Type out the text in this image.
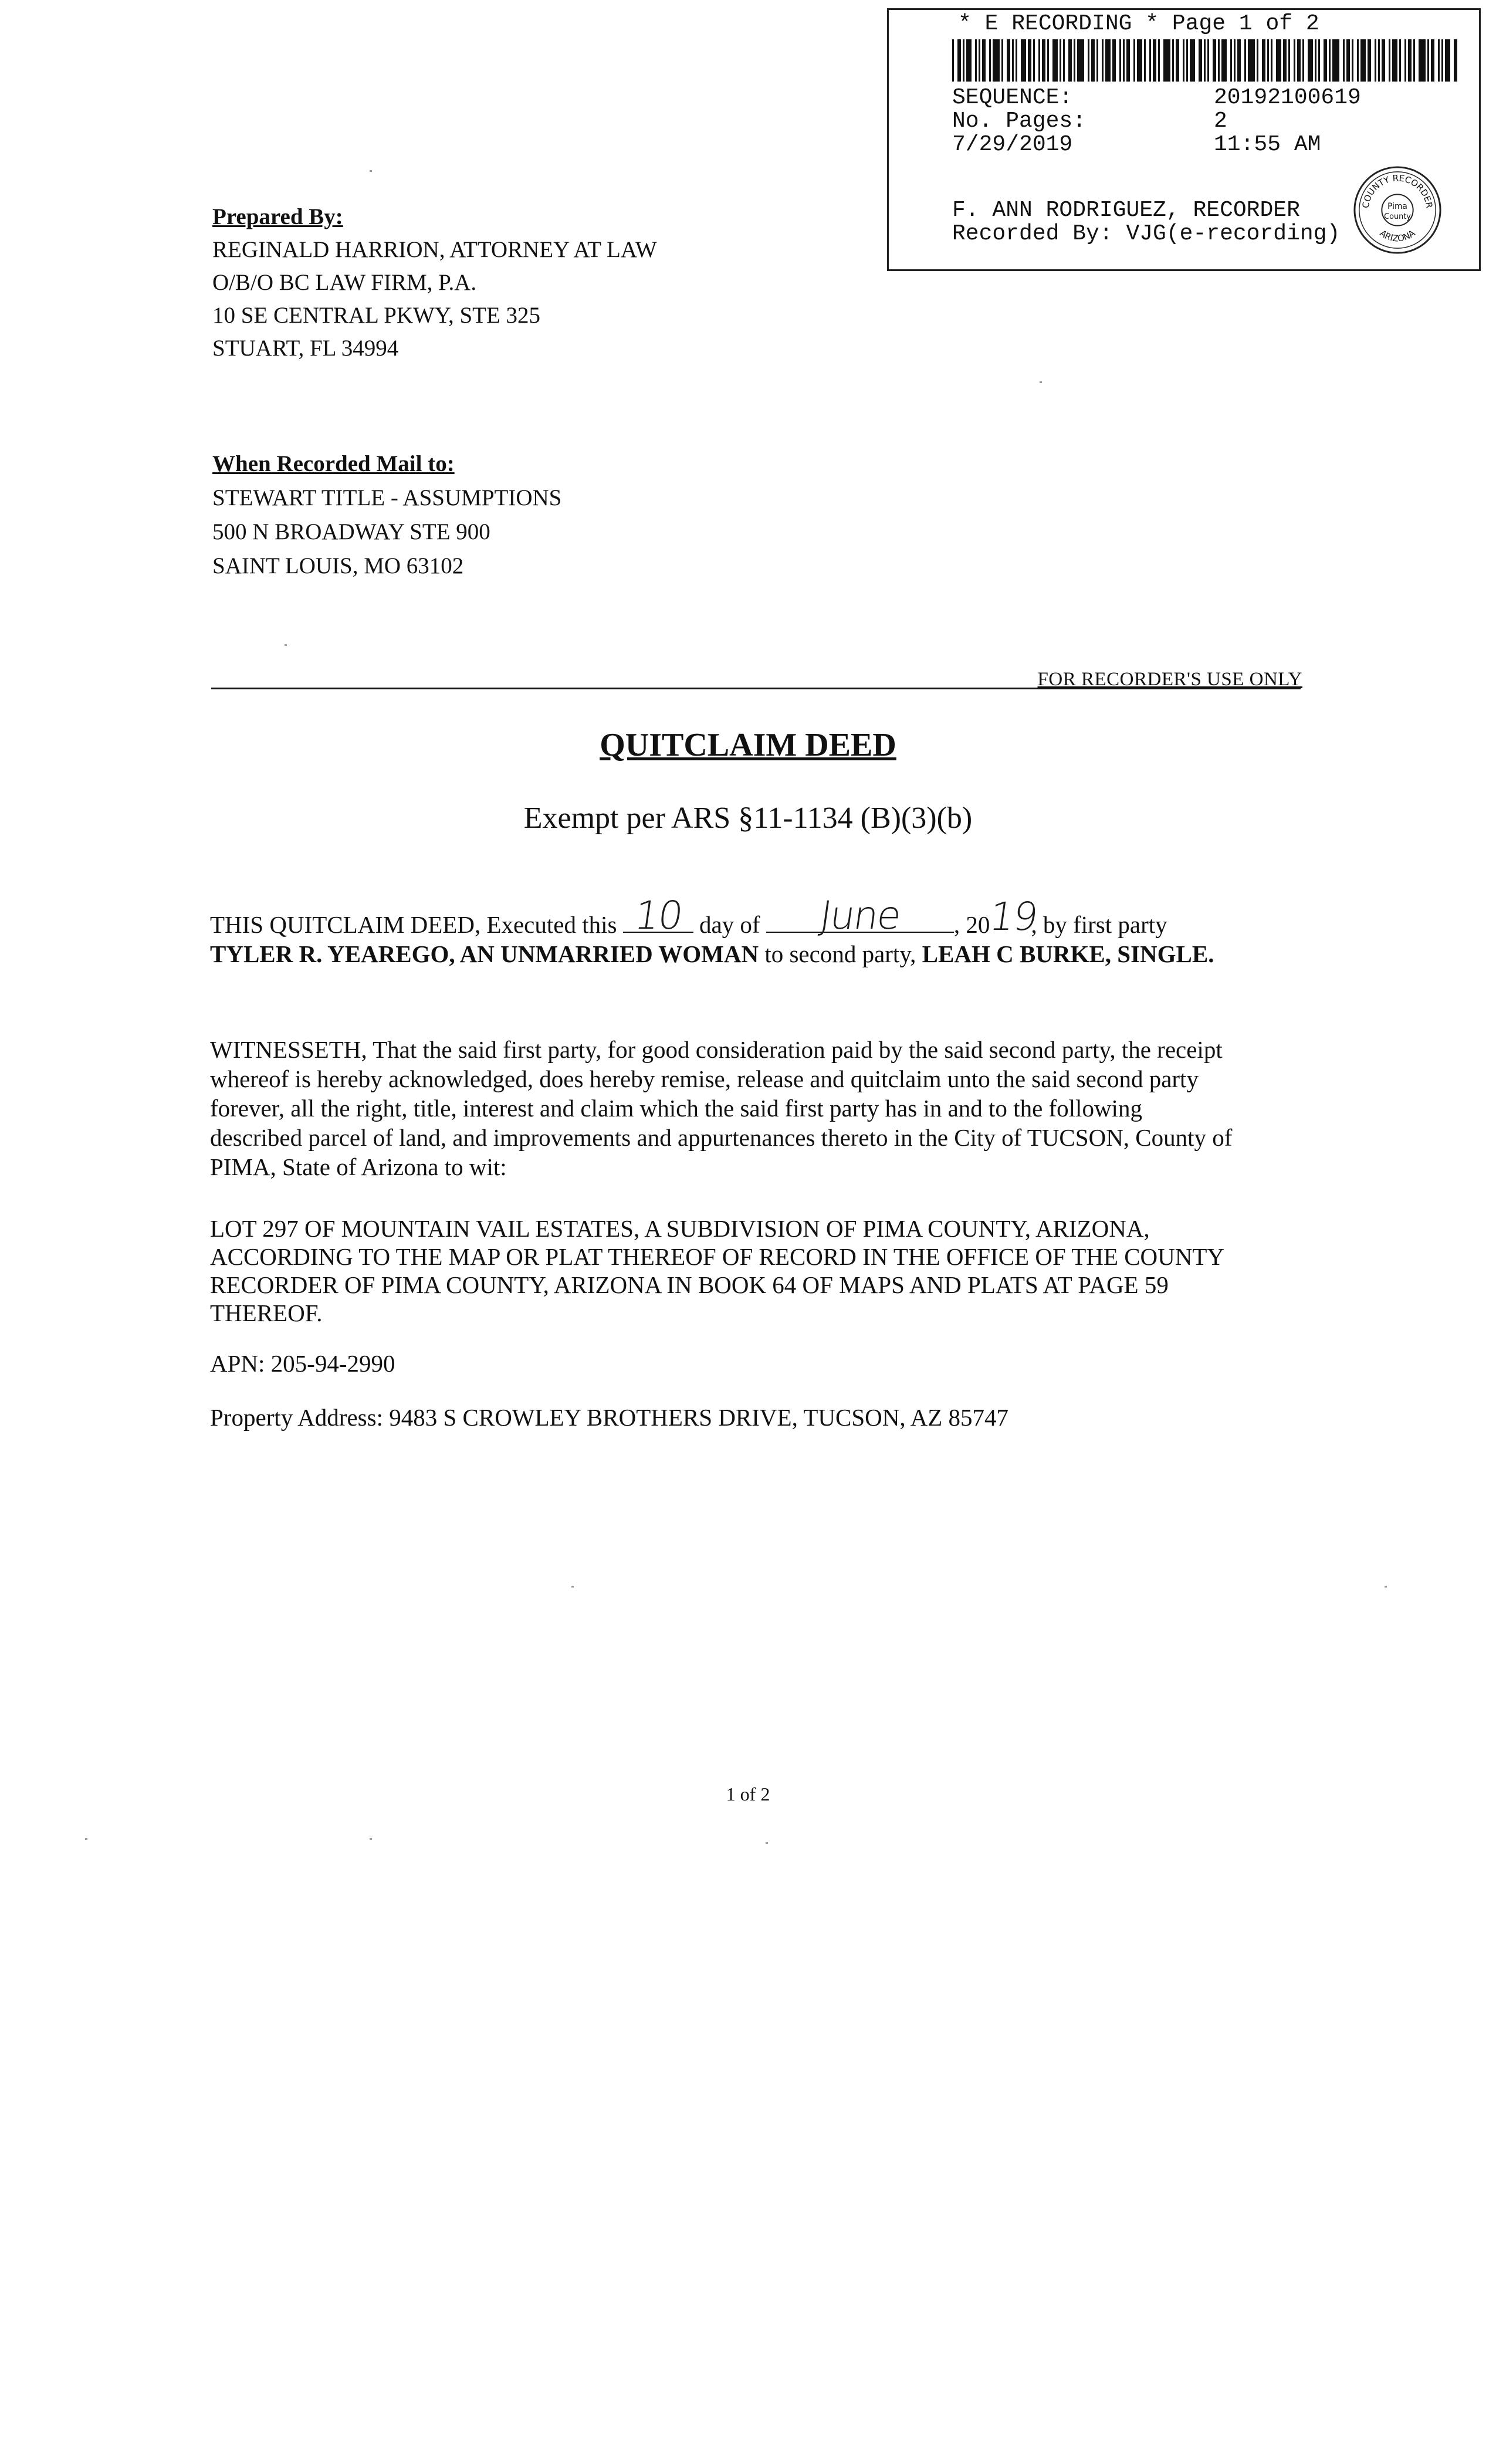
* E RECORDING * Page 1 of 2
SEQUENCE:	20192100619
No. Pages:	2
7/29/2019	11:55 AM
F. ANN RODRIGUEZ, RECORDER
Recorded By: VJG(e-recording)
COUNTY RECORDER
ARIZONA
Pima
County
Prepared By:
REGINALD HARRION, ATTORNEY AT LAW
O/B/O BC LAW FIRM, P.A.
10 SE CENTRAL PKWY, STE 325
STUART, FL 34994
When Recorded Mail to:
STEWART TITLE - ASSUMPTIONS
500 N BROADWAY STE 900
SAINT LOUIS, MO 63102
FOR RECORDER'S USE ONLY
QUITCLAIM DEED
Exempt per ARS §11-1134 (B)(3)(b)
THIS QUITCLAIM DEED, Executed this 10 day of	June	, 20
19
, by first party
TYLER R. YEAREGO, AN UNMARRIED WOMAN to second party, LEAH C BURKE, SINGLE.
WITNESSETH, That the said first party, for good consideration paid by the said second party, the receipt
whereof is hereby acknowledged, does hereby remise, release and quitclaim unto the said second party
forever, all the right, title, interest and claim which the said first party has in and to the following
described parcel of land, and improvements and appurtenances thereto in the City of TUCSON, County of
PIMA, State of Arizona to wit:
LOT 297 OF MOUNTAIN VAIL ESTATES, A SUBDIVISION OF PIMA COUNTY, ARIZONA,
ACCORDING TO THE MAP OR PLAT THEREOF OF RECORD IN THE OFFICE OF THE COUNTY
RECORDER OF PIMA COUNTY, ARIZONA IN BOOK 64 OF MAPS AND PLATS AT PAGE 59
THEREOF.
APN: 205-94-2990
Property Address: 9483 S CROWLEY BROTHERS DRIVE, TUCSON, AZ 85747
1 of 2
